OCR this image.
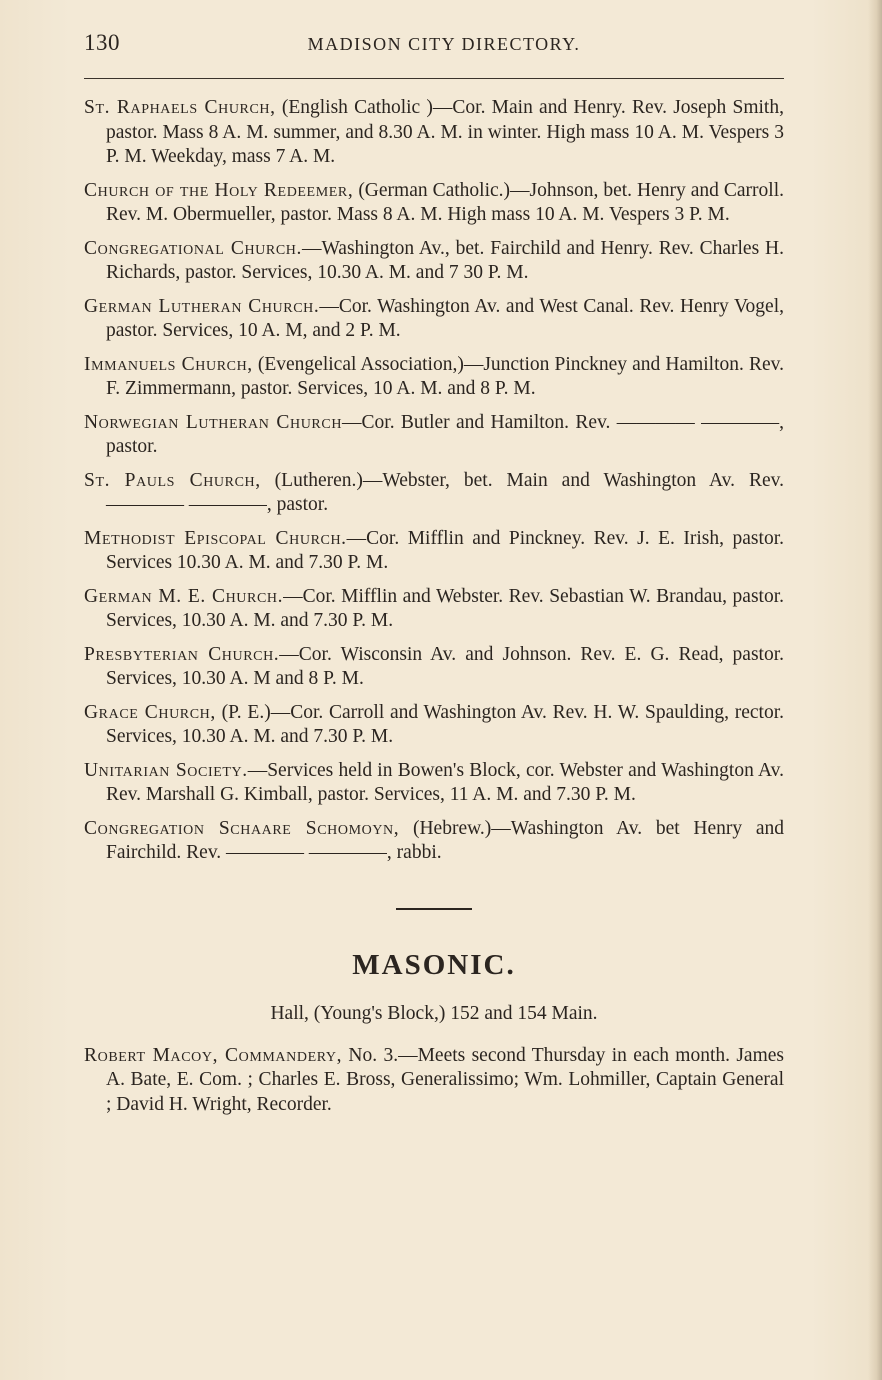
130	MADISON CITY DIRECTORY.

St. Raphaels Church, (English Catholic )—Cor. Main and Henry. Rev. Joseph Smith, pastor. Mass 8 A. M. summer, and 8.30 A. M. in winter. High mass 10 A. M. Vespers 3 P. M. Weekday, mass 7 A. M.

Church of the Holy Redeemer, (German Catholic.)—Johnson, bet. Henry and Carroll. Rev. M. Obermueller, pastor. Mass 8 A. M. High mass 10 A. M. Vespers 3 P. M.

Congregational Church.—Washington Av., bet. Fairchild and Henry. Rev. Charles H. Richards, pastor. Services, 10.30 A. M. and 7 30 P. M.

German Lutheran Church.—Cor. Washington Av. and West Canal. Rev. Henry Vogel, pastor. Services, 10 A. M, and 2 P. M.

Immanuels Church, (Evengelical Association,)—Junction Pinckney and Hamilton. Rev. F. Zimmermann, pastor. Services, 10 A. M. and 8 P. M.

Norwegian Lutheran Church—Cor. Butler and Hamilton. Rev. ———— ————, pastor.

St. Pauls Church, (Lutheren.)—Webster, bet. Main and Washington Av. Rev. ———— ————, pastor.

Methodist Episcopal Church.—Cor. Mifflin and Pinckney. Rev. J. E. Irish, pastor. Services 10.30 A. M. and 7.30 P. M.

German M. E. Church.—Cor. Mifflin and Webster. Rev. Sebastian W. Brandau, pastor. Services, 10.30 A. M. and 7.30 P. M.

Presbyterian Church.—Cor. Wisconsin Av. and Johnson. Rev. E. G. Read, pastor. Services, 10.30 A. M and 8 P. M.

Grace Church, (P. E.)—Cor. Carroll and Washington Av. Rev. H. W. Spaulding, rector. Services, 10.30 A. M. and 7.30 P. M.

Unitarian Society.—Services held in Bowen's Block, cor. Webster and Washington Av. Rev. Marshall G. Kimball, pastor. Services, 11 A. M. and 7.30 P. M.

Congregation Schaare Schomoyn, (Hebrew.)—Washington Av. bet Henry and Fairchild. Rev. ———— ————, rabbi.

MASONIC.

Hall, (Young's Block,) 152 and 154 Main.

Robert Macoy, Commandery, No. 3.—Meets second Thursday in each month. James A. Bate, E. Com. ; Charles E. Bross, Generalissimo; Wm. Lohmiller, Captain General ; David H. Wright, Recorder.
